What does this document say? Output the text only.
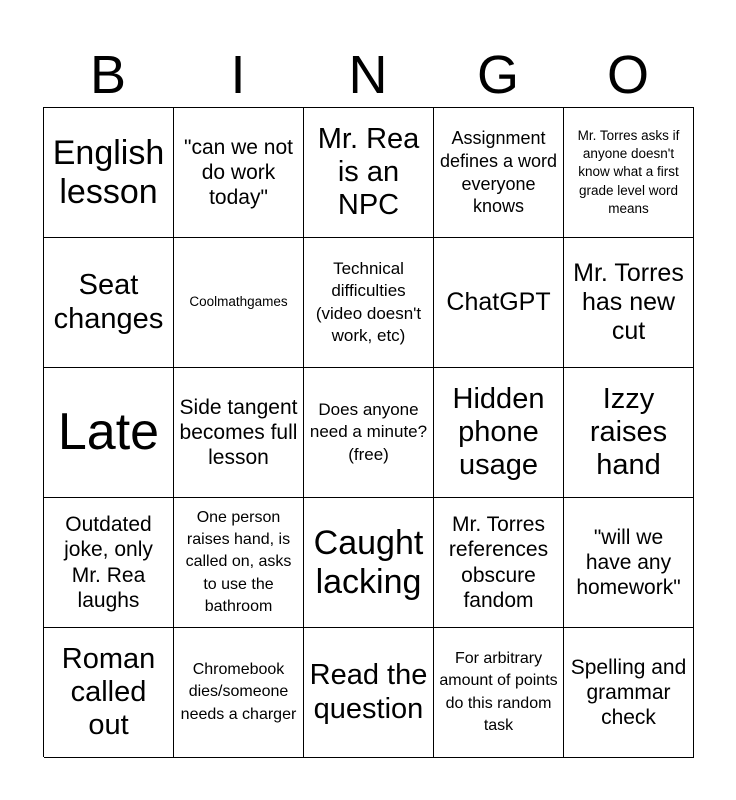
B	I	N	G	O
English lesson
"can we not do work today"
Mr. Rea is an NPC
Assignment defines a word everyone knows
Mr. Torres asks if anyone doesn't know what a first grade level word means
Seat changes
Coolmathgames
Technical difficulties (video doesn't work, etc)
ChatGPT
Mr. Torres has new cut
Late Side tangent becomes full lesson
Does anyone need a minute? (free)
Hidden phone usage
Izzy raises hand
Outdated joke, only Mr. Rea laughs
One person raises hand, is called on, asks to use the bathroom
Caught lacking
Mr. Torres references obscure fandom
"will we have any homework"
Roman called out
Chromebook dies/someone needs a charger
Read the question
For arbitrary amount of points do this random task
Spelling and grammar check
